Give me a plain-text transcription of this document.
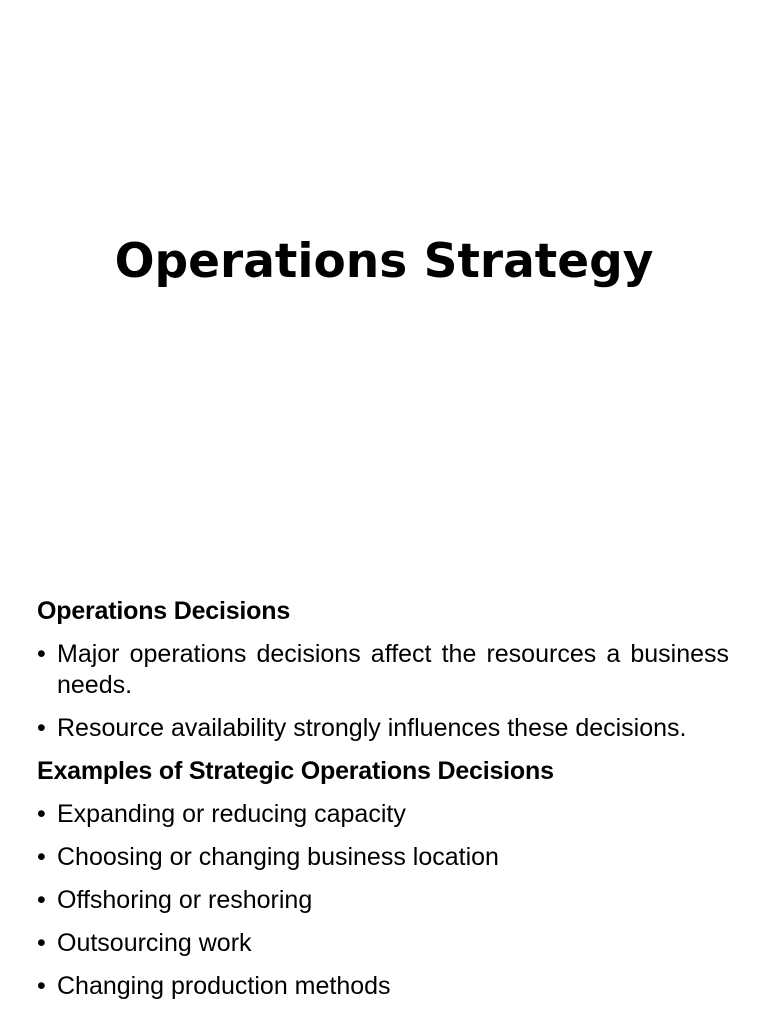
Operations Strategy
Operations Decisions
• Major operations decisions affect the resources a business needs.
• Resource availability strongly influences these decisions.
Examples of Strategic Operations Decisions
• Expanding or reducing capacity
• Choosing or changing business location
• Offshoring or reshoring
• Outsourcing work
• Changing production methods
